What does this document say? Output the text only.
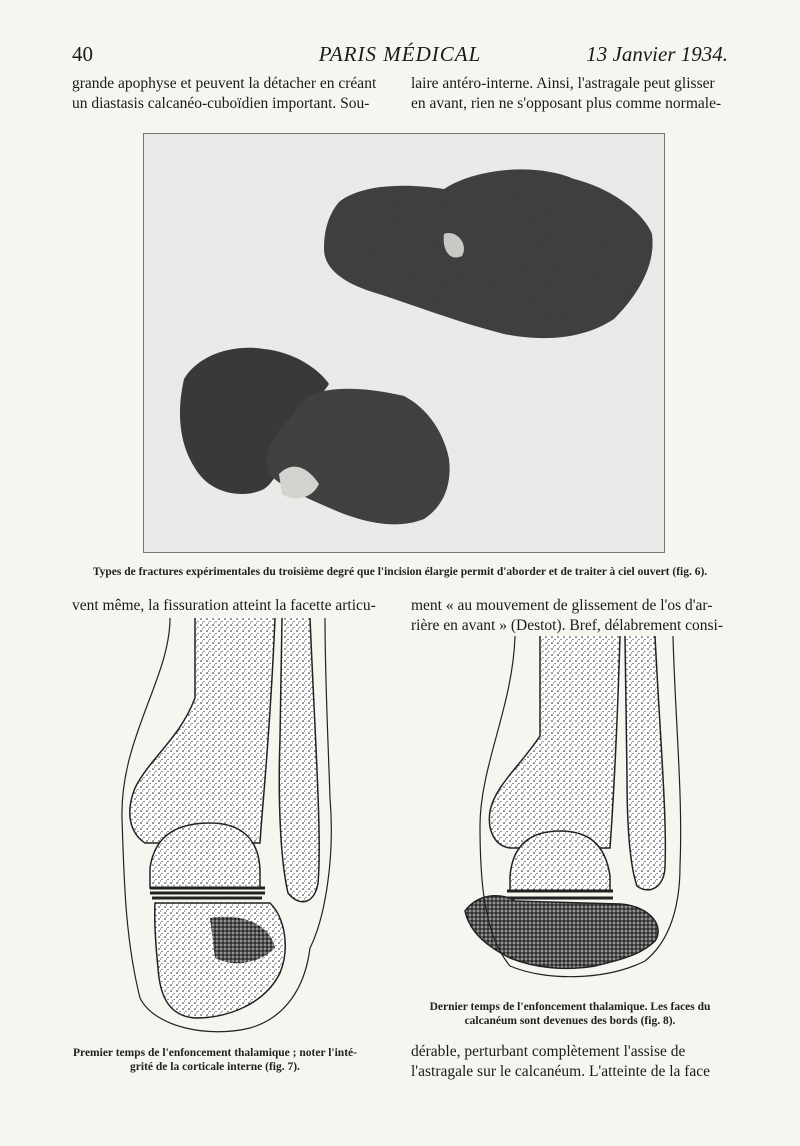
40	PARIS MÉDICAL	13 Janvier 1934.
grande apophyse et peuvent la détacher en créant
un diastasis calcanéo-cuboïdien important. Sou-
laire antéro-interne. Ainsi, l'astragale peut glisser
en avant, rien ne s'opposant plus comme normale-
Types de fractures expérimentales du troisième degré que l'incision élargie permit d'aborder et de traiter à ciel ouvert (fig. 6).
vent même, la fissuration atteint la facette articu-	ment « au mouvement de glissement de l'os d'ar-
rière en avant » (Destot). Bref, délabrement consi-
Dernier temps de l'enfoncement thalamique. Les faces du
calcanéum sont devenues des bords (fig. 8).
Premier temps de l'enfoncement thalamique ; noter l'inté-
grité de la corticale interne (fig. 7).
dérable, perturbant complètement l'assise de
l'astragale sur le calcanéum. L'atteinte de la face
